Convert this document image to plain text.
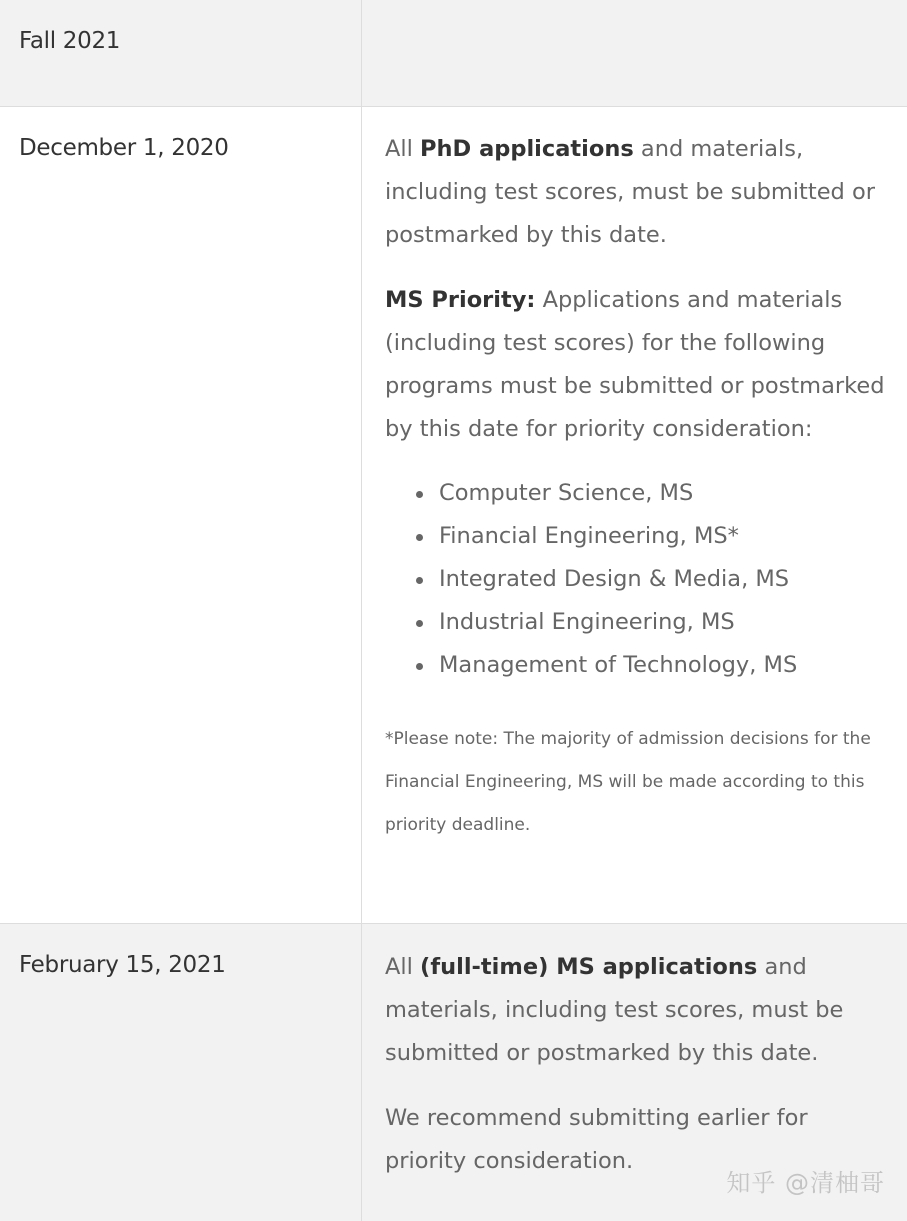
Fall 2021
December 1, 2020	All PhD applications and materials, including test scores, must be submitted or postmarked by this date.

MS Priority: Applications and materials (including test scores) for the following programs must be submitted or postmarked by this date for priority consideration:

Computer Science, MS
Financial Engineering, MS*
Integrated Design & Media, MS
Industrial Engineering, MS
Management of Technology, MS

*Please note: The majority of admission decisions for the Financial Engineering, MS will be made according to this priority deadline.

February 15, 2021	All (full-time) MS applications and materials, including test scores, must be submitted or postmarked by this date.

We recommend submitting earlier for priority consideration.

知乎 @清柚哥
